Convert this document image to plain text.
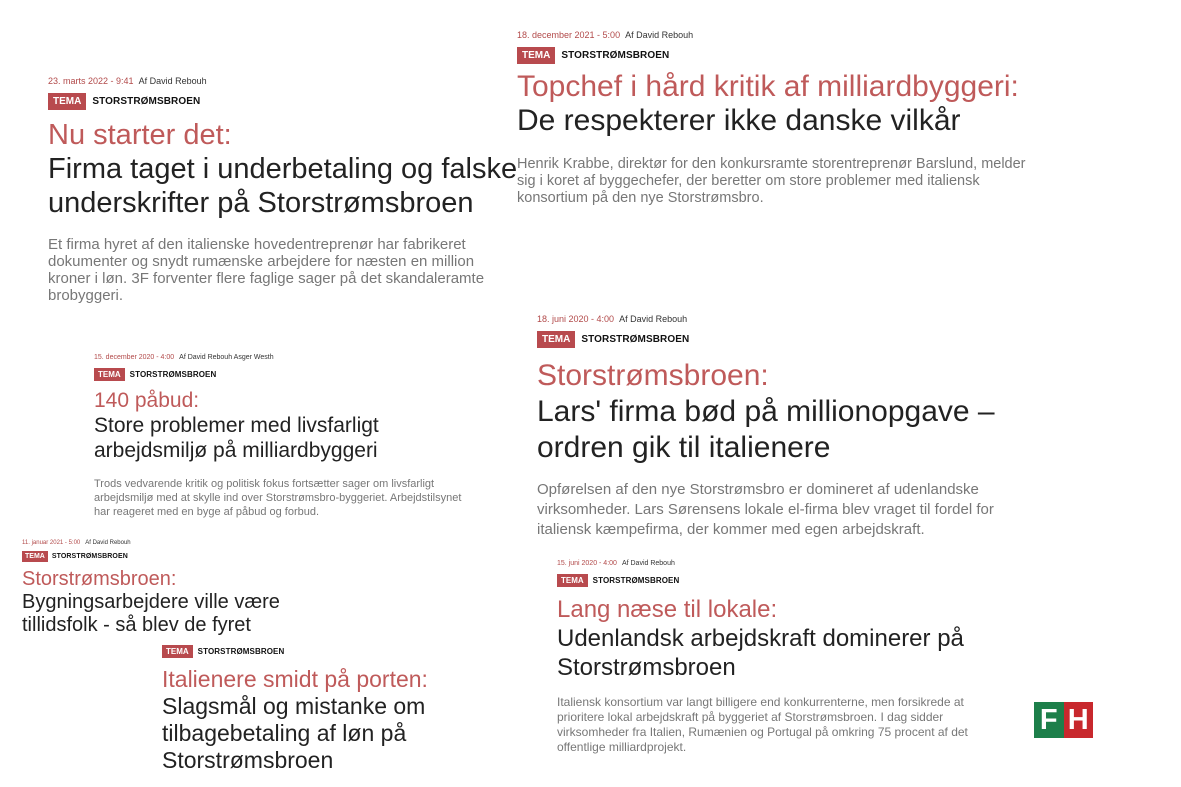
23. marts 2022 - 9:41 Af David Rebouh
TEMA	STORSTRØMSBROEN
Nu starter det:
Firma taget i underbetaling og falske underskrifter på Storstrømsbroen
Et firma hyret af den italienske hovedentreprenør har fabrikeret dokumenter og snydt rumænske arbejdere for næsten en million kroner i løn. 3F forventer flere faglige sager på det skandaleramte brobyggeri.
18. december 2021 - 5:00 Af David Rebouh
TEMA	STORSTRØMSBROEN
Topchef i hård kritik af milliardbyggeri:
De respekterer ikke danske vilkår
Henrik Krabbe, direktør for den konkursramte storentreprenør Barslund, melder sig i koret af byggechefer, der beretter om store problemer med italiensk konsortium på den nye Storstrømsbro.
15. december 2020 - 4:00 Af David Rebouh Asger Westh
TEMA	STORSTRØMSBROEN
140 påbud:
Store problemer med livsfarligt arbejdsmiljø på milliardbyggeri
Trods vedvarende kritik og politisk fokus fortsætter sager om livsfarligt arbejdsmiljø med at skylle ind over Storstrømsbro-byggeriet. Arbejdstilsynet har reageret med en byge af påbud og forbud.
18. juni 2020 - 4:00 Af David Rebouh
TEMA	STORSTRØMSBROEN
Storstrømsbroen:
Lars' firma bød på millionopgave – ordren gik til italienere
Opførelsen af den nye Storstrømsbro er domineret af udenlandske virksomheder. Lars Sørensens lokale el-firma blev vraget til fordel for italiensk kæmpefirma, der kommer med egen arbejdskraft.
TEMA	STORSTRØMSBROEN
Italienere smidt på porten:
Slagsmål og mistanke om tilbagebetaling af løn på Storstrømsbroen
11. januar 2021 - 5:00 Af David Rebouh
TEMA	STORSTRØMSBROEN
Storstrømsbroen:
Bygningsarbejdere ville være tillidsfolk - så blev de fyret
15. juni 2020 - 4:00 Af David Rebouh
TEMA	STORSTRØMSBROEN
Lang næse til lokale:
Udenlandsk arbejdskraft dominerer på Storstrømsbroen
Italiensk konsortium var langt billigere end konkurrenterne, men forsikrede at prioritere lokal arbejdskraft på byggeriet af Storstrømsbroen. I dag sidder virksomheder fra Italien, Rumænien og Portugal på omkring 75 procent af det offentlige milliardprojekt.
F H
